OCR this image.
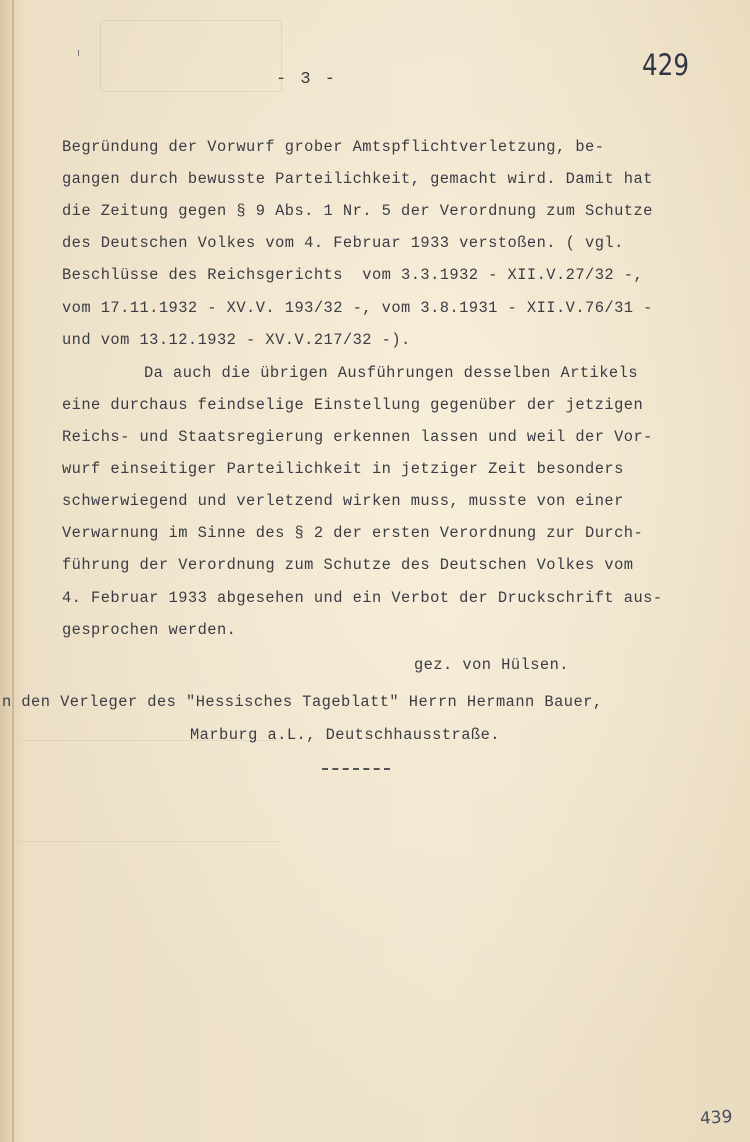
- 3 -	429
Begründung der Vorwurf grober Amtspflichtverletzung, be-
gangen durch bewusste Parteilichkeit, gemacht wird. Damit hat
die Zeitung gegen § 9 Abs. 1 Nr. 5 der Verordnung zum Schutze
des Deutschen Volkes vom 4. Februar 1933 verstoßen. ( vgl.
Beschlüsse des Reichsgerichts  vom 3.3.1932 - XII.V.27/32 -,
vom 17.11.1932 - XV.V. 193/32 -, vom 3.8.1931 - XII.V.76/31 -
und vom 13.12.1932 - XV.V.217/32 -).
Da auch die übrigen Ausführungen desselben Artikels
eine durchaus feindselige Einstellung gegenüber der jetzigen
Reichs- und Staatsregierung erkennen lassen und weil der Vor-
wurf einseitiger Parteilichkeit in jetziger Zeit besonders
schwerwiegend und verletzend wirken muss, musste von einer
Verwarnung im Sinne des § 2 der ersten Verordnung zur Durch-
führung der Verordnung zum Schutze des Deutschen Volkes vom
4. Februar 1933 abgesehen und ein Verbot der Druckschrift aus-
gesprochen werden.
gez. von Hülsen.
n den Verleger des "Hessisches Tageblatt" Herrn Hermann Bauer,
Marburg a.L., Deutschhausstraße.
439
